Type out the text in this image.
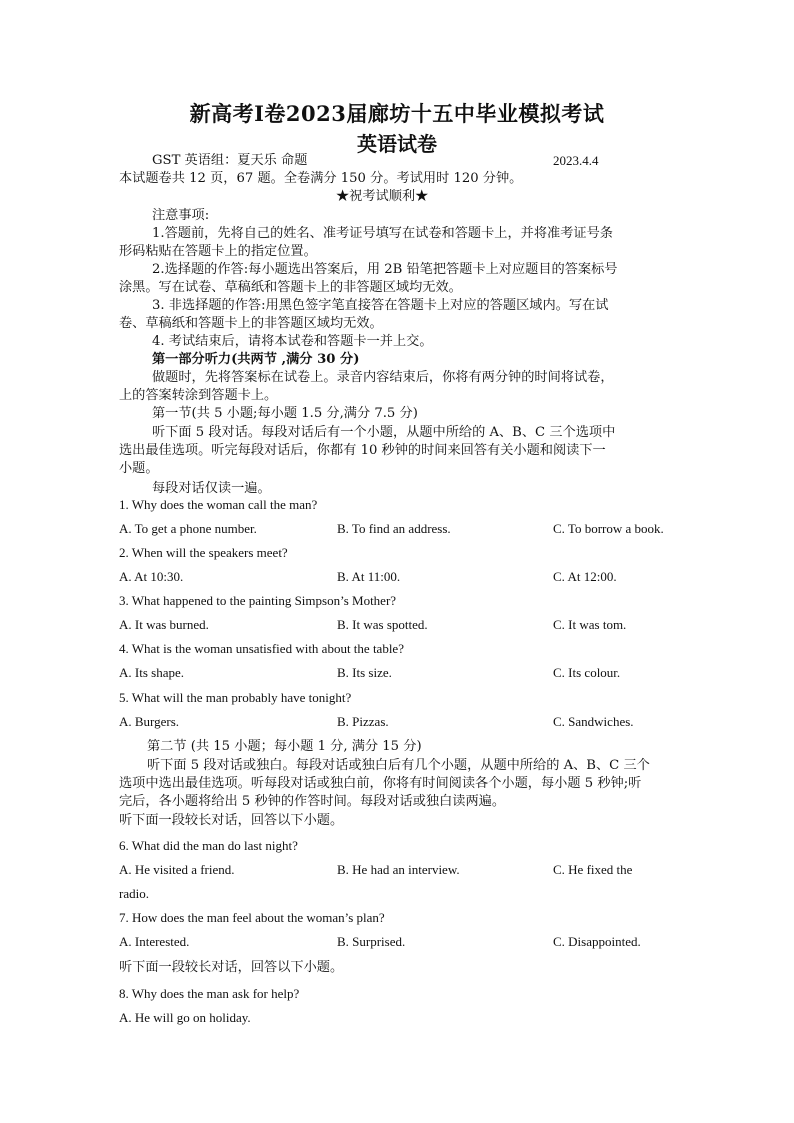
新高考Ⅰ卷2023届廊坊十五中毕业模拟考试
英语试卷
GST 英语组：夏天乐 命题	2023.4.4
本试题卷共 12 页，67 题。全卷满分 150 分。考试用时 120 分钟。
★祝考试顺利★
注意事项:
1.答题前，先将自己的姓名、准考证号填写在试卷和答题卡上，并将准考证号条
形码粘贴在答题卡上的指定位置。
2.选择题的作答:每小题选出答案后，用 2B 铅笔把答题卡上对应题目的答案标号
涂黑。写在试卷、草稿纸和答题卡上的非答题区域均无效。
3. 非选择题的作答:用黑色签字笔直接答在答题卡上对应的答题区域内。写在试
卷、草稿纸和答题卡上的非答题区域均无效。
4. 考试结束后，请将本试卷和答题卡一并上交。
第一部分听力(共两节 ,满分 30 分)
做题时，先将答案标在试卷上。录音内容结束后，你将有两分钟的时间将试卷，
上的答案转涂到答题卡上。
第一节(共 5 小题;每小题 1.5 分,满分 7.5 分)
听下面 5 段对话。每段对话后有一个小题，从题中所给的 A、B、C 三个选项中
选出最佳选项。听完每段对话后，你都有 10 秒钟的时间来回答有关小题和阅读下一
小题。
每段对话仅读一遍。
1. Why does the woman call the man?
A. To get a phone number.	B. To find an address.	C. To borrow a book.
2. When will the speakers meet?
A. At 10:30.	B. At 11:00.	C. At 12:00.
3. What happened to the painting Simpson’s Mother?
A. It was burned.	B. It was spotted.	C. It was tom.
4. What is the woman unsatisfied with about the table?
A. Its shape.	B. Its size.	C. Its colour.
5. What will the man probably have tonight?
A. Burgers.	B. Pizzas.	C. Sandwiches.
第二节 (共 15 小题；每小题 1 分, 满分 15 分)
听下面 5 段对话或独白。每段对话或独白后有几个小题，从题中所给的 A、B、C 三个
选项中选出最佳选项。听每段对话或独白前，你将有时间阅读各个小题，每小题 5 秒钟;听
完后，各小题将给出 5 秒钟的作答时间。每段对话或独白读两遍。
听下面一段较长对话，回答以下小题。
6. What did the man do last night?
A. He visited a friend.	B. He had an interview.	C. He fixed the
radio.
7. How does the man feel about the woman’s plan?
A. Interested.	B. Surprised.	C. Disappointed.
听下面一段较长对话，回答以下小题。
8. Why does the man ask for help?
A. He will go on holiday.
